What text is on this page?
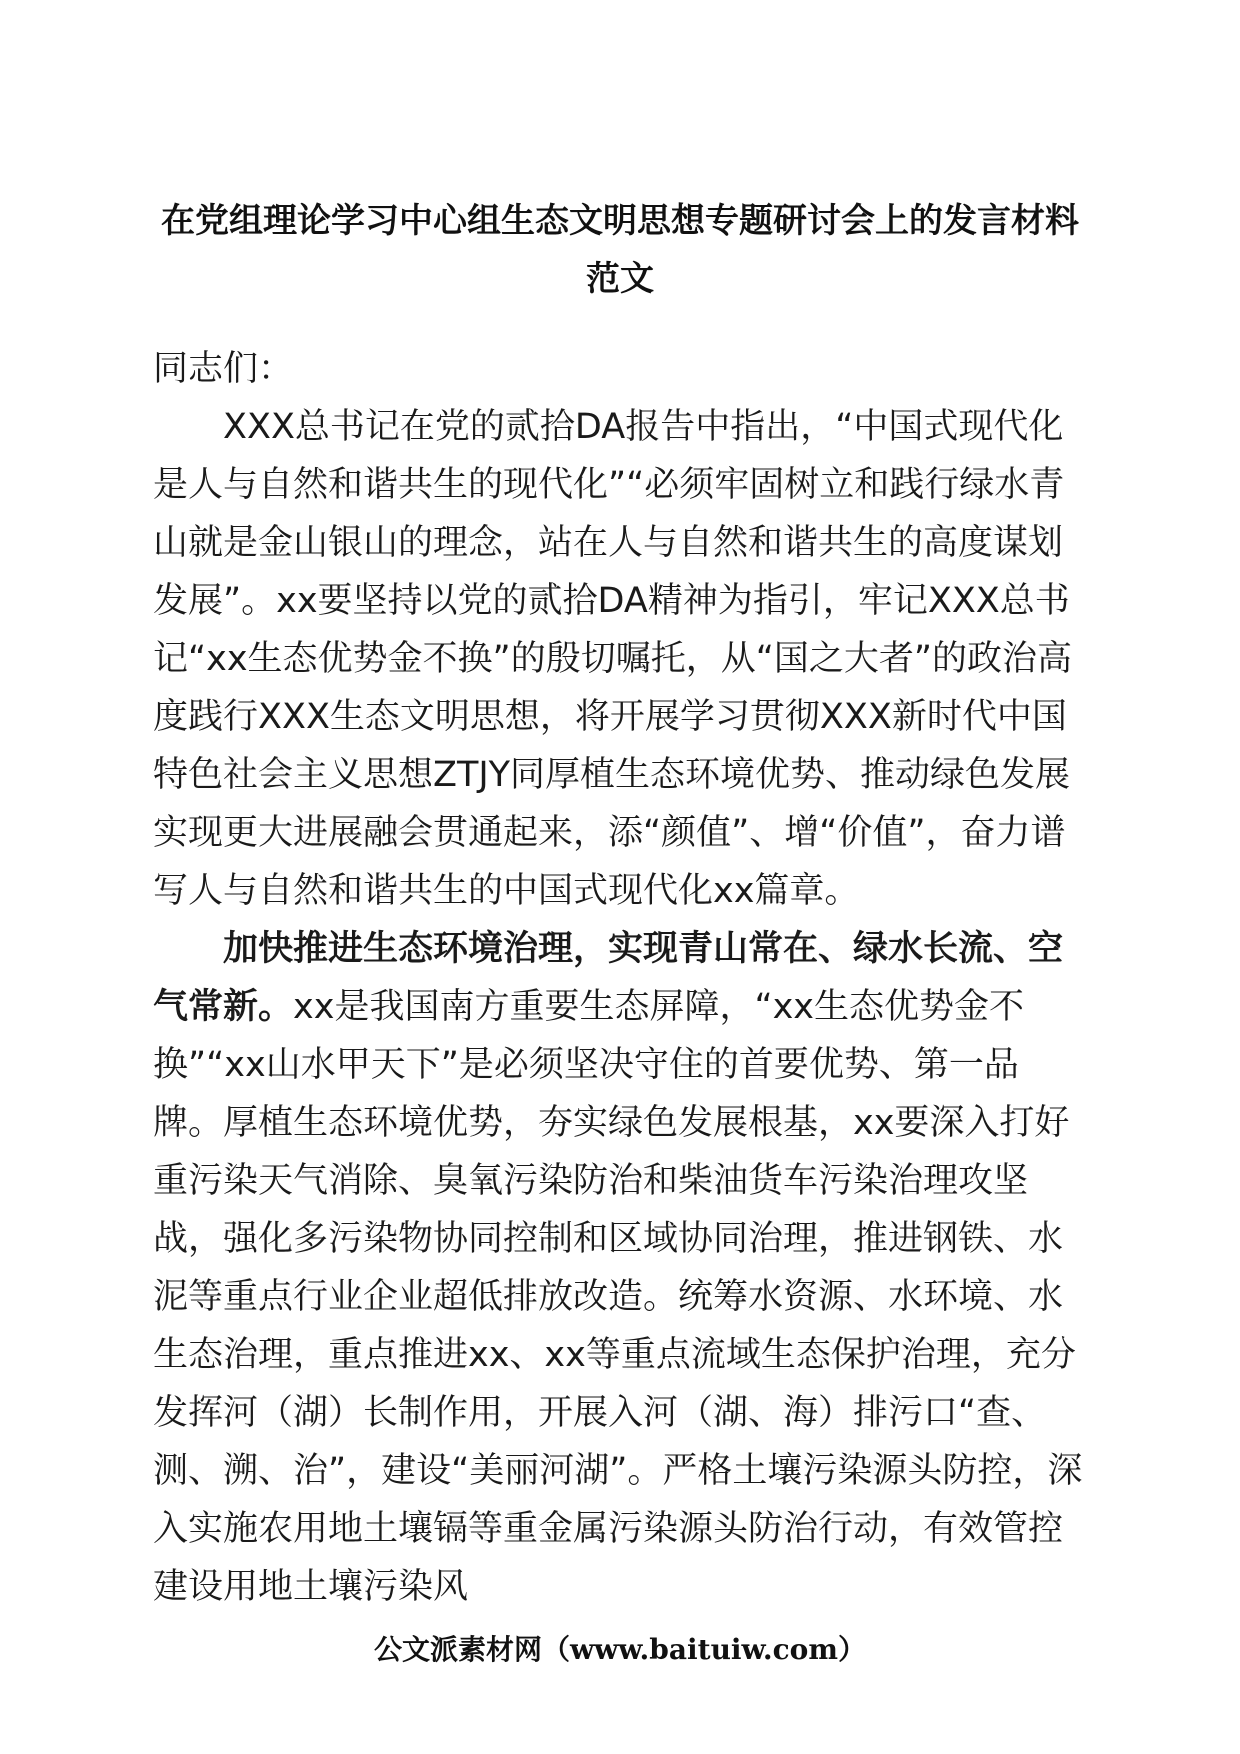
在党组理论学习中心组生态文明思想专题研讨会上的发言材料
范文

同志们：

XXX总书记在党的贰拾DA报告中指出，“中国式现代化是人与自然和谐共生的现代化”“必须牢固树立和践行绿水青山就是金山银山的理念，站在人与自然和谐共生的高度谋划发展”。xx要坚持以党的贰拾DA精神为指引，牢记XXX总书记“xx生态优势金不换”的殷切嘱托，从“国之大者”的政治高度践行XXX生态文明思想，将开展学习贯彻XXX新时代中国特色社会主义思想ZTJY同厚植生态环境优势、推动绿色发展实现更大进展融会贯通起来，添“颜值”、增“价值”，奋力谱写人与自然和谐共生的中国式现代化xx篇章。

加快推进生态环境治理，实现青山常在、绿水长流、空气常新。xx是我国南方重要生态屏障，“xx生态优势金不换”“xx山水甲天下”是必须坚决守住的首要优势、第一品牌。厚植生态环境优势，夯实绿色发展根基，xx要深入打好重污染天气消除、臭氧污染防治和柴油货车污染治理攻坚战，强化多污染物协同控制和区域协同治理，推进钢铁、水泥等重点行业企业超低排放改造。统筹水资源、水环境、水生态治理，重点推进xx、xx等重点流域生态保护治理，充分发挥河（湖）长制作用，开展入河（湖、海）排污口“查、测、溯、治”，建设“美丽河湖”。严格土壤污染源头防控，深入实施农用地土壤镉等重金属污染源头防治行动，有效管控建设用地土壤污染风

公文派素材网（www.baituiw.com）
